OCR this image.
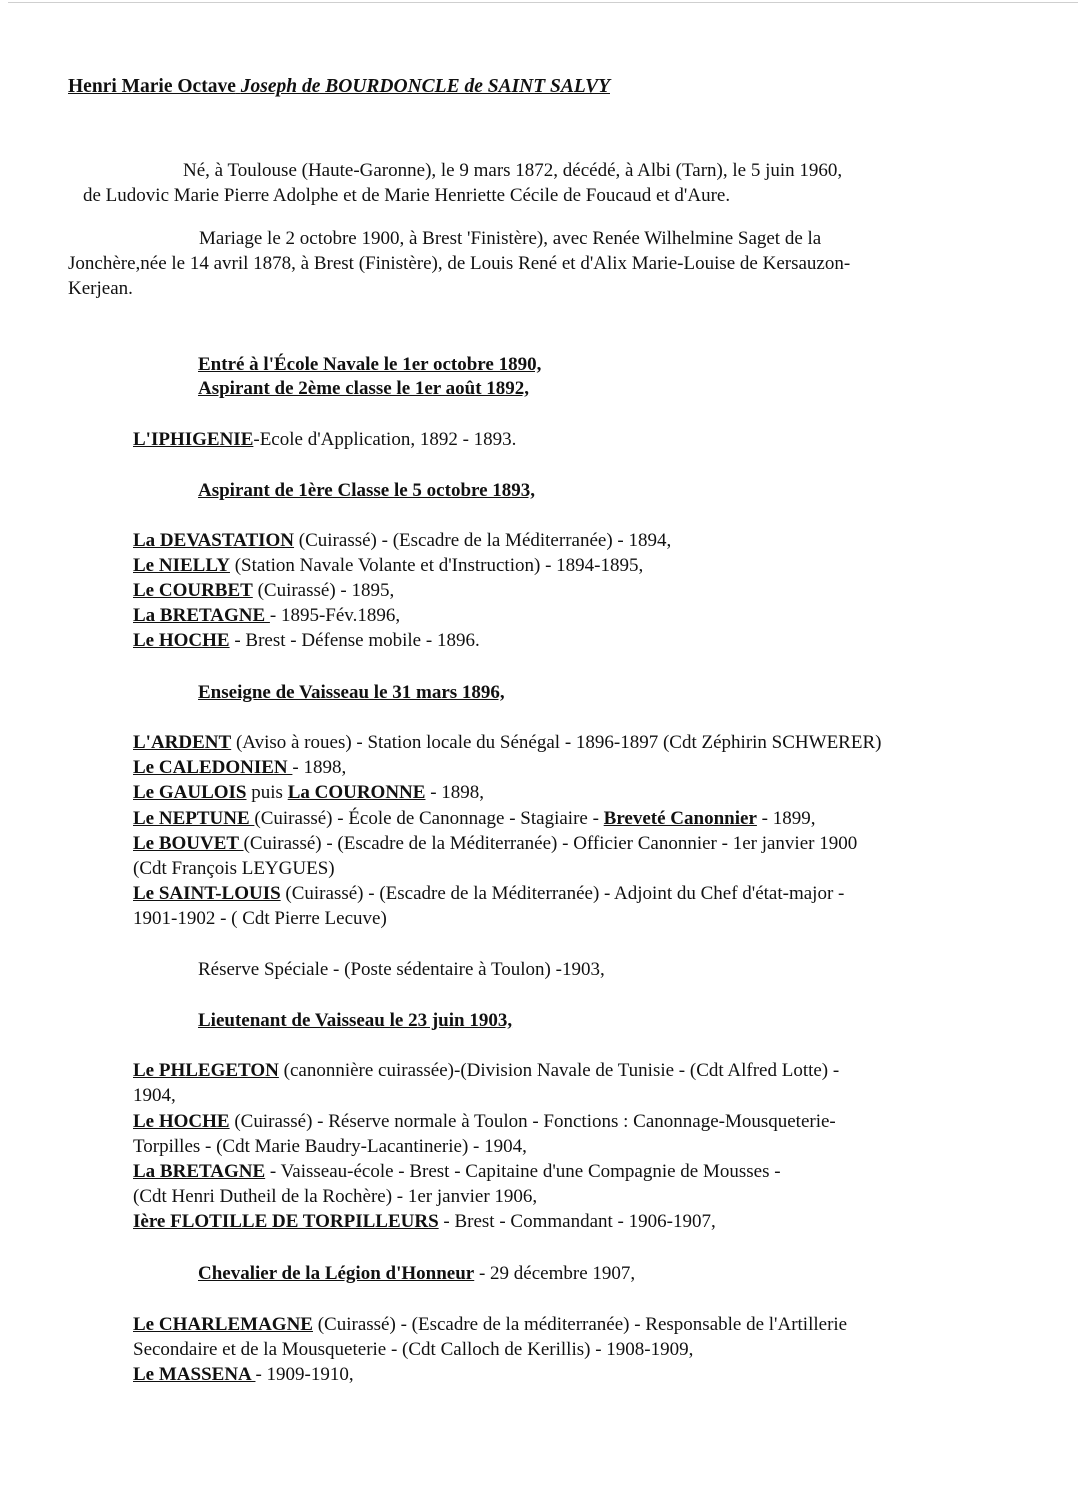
Henri Marie Octave Joseph de BOURDONCLE de SAINT SALVY
Né, à Toulouse (Haute-Garonne), le 9 mars 1872, décédé, à Albi (Tarn), le 5 juin 1960,
de Ludovic Marie Pierre Adolphe et de Marie Henriette Cécile de Foucaud et d'Aure.
Mariage le 2 octobre 1900, à Brest 'Finistère), avec Renée Wilhelmine Saget de la
Jonchère,née le 14 avril 1878, à Brest (Finistère), de Louis René et d'Alix Marie-Louise de Kersauzon-
Kerjean.
Entré à l'École Navale le 1er octobre 1890,
Aspirant de 2ème classe le 1er août 1892,
L'IPHIGENIE-Ecole d'Application, 1892 - 1893.
Aspirant de 1ère Classe le 5 octobre 1893,
La DEVASTATION (Cuirassé) - (Escadre de la Méditerranée) - 1894,
Le NIELLY (Station Navale Volante et d'Instruction) - 1894-1895,
Le COURBET (Cuirassé) - 1895,
La BRETAGNE - 1895-Fév.1896,
Le HOCHE - Brest - Défense mobile - 1896.
Enseigne de Vaisseau le 31 mars 1896,
L'ARDENT (Aviso à roues) - Station locale du Sénégal - 1896-1897 (Cdt Zéphirin SCHWERER)
Le CALEDONIEN - 1898,
Le GAULOIS puis La COURONNE - 1898,
Le NEPTUNE (Cuirassé) - École de Canonnage - Stagiaire - Breveté Canonnier - 1899,
Le BOUVET (Cuirassé) - (Escadre de la Méditerranée) - Officier Canonnier - 1er janvier 1900
(Cdt François LEYGUES)
Le SAINT-LOUIS (Cuirassé) - (Escadre de la Méditerranée) - Adjoint du Chef d'état-major -
1901-1902 - ( Cdt Pierre Lecuve)
Réserve Spéciale - (Poste sédentaire à Toulon) -1903,
Lieutenant de Vaisseau le 23 juin 1903,
Le PHLEGETON (canonnière cuirassée)-(Division Navale de Tunisie - (Cdt Alfred Lotte) -
1904,
Le HOCHE (Cuirassé) - Réserve normale à Toulon - Fonctions : Canonnage-Mousqueterie-
Torpilles - (Cdt Marie Baudry-Lacantinerie) - 1904,
La BRETAGNE - Vaisseau-école - Brest - Capitaine d'une Compagnie de Mousses -
(Cdt Henri Dutheil de la Rochère) - 1er janvier 1906,
Ière FLOTILLE DE TORPILLEURS - Brest - Commandant - 1906-1907,
Chevalier de la Légion d'Honneur - 29 décembre 1907,
Le CHARLEMAGNE (Cuirassé) - (Escadre de la méditerranée) - Responsable de l'Artillerie
Secondaire et de la Mousqueterie - (Cdt Calloch de Kerillis) - 1908-1909,
Le MASSENA - 1909-1910,
